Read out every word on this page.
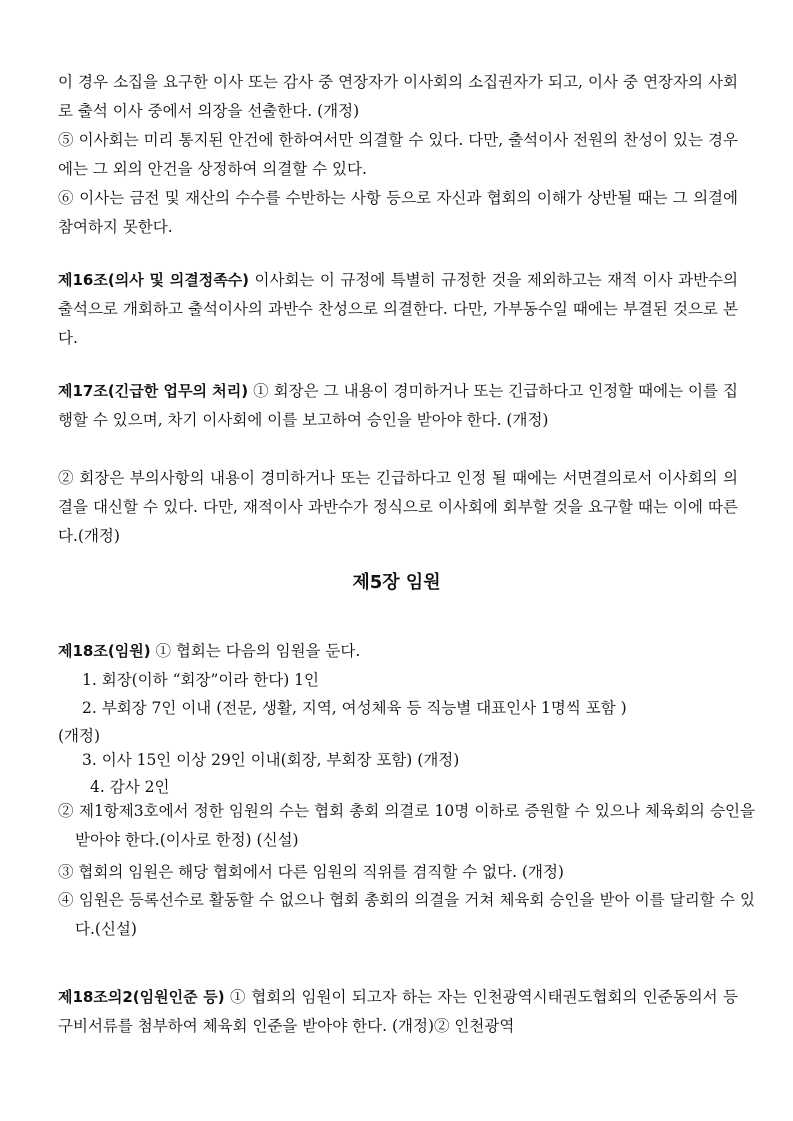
이 경우 소집을 요구한 이사 또는 감사 중 연장자가 이사회의 소집권자가 되고, 이사 중 연장자의 사회로 출석 이사 중에서 의장을 선출한다. (개정)

⑤ 이사회는 미리 통지된 안건에 한하여서만 의결할 수 있다. 다만, 출석이사 전원의 찬성이 있는 경우에는 그 외의 안건을 상정하여 의결할 수 있다.

⑥ 이사는 금전 및 재산의 수수를 수반하는 사항 등으로 자신과 협회의 이해가 상반될 때는 그 의결에 참여하지 못한다.

제16조(의사 및 의결정족수) 이사회는 이 규정에 특별히 규정한 것을 제외하고는 재적 이사 과반수의 출석으로 개회하고 출석이사의 과반수 찬성으로 의결한다. 다만, 가부동수일 때에는 부결된 것으로 본다.

제17조(긴급한 업무의 처리) ① 회장은 그 내용이 경미하거나 또는 긴급하다고 인정할 때에는 이를 집행할 수 있으며, 차기 이사회에 이를 보고하여 승인을 받아야 한다. (개정)

② 회장은 부의사항의 내용이 경미하거나 또는 긴급하다고 인정 될 때에는 서면결의로서 이사회의 의결을 대신할 수 있다. 다만, 재적이사 과반수가 정식으로 이사회에 회부할 것을 요구할 때는 이에 따른다.(개정)

제5장 임원

제18조(임원) ① 협회는 다음의 임원을 둔다.

1. 회장(이하 “회장”이라 한다) 1인

2. 부회장 7인 이내 (전문, 생활, 지역, 여성체육 등 직능별 대표인사 1명씩 포함 )

(개정)

3. 이사 15인 이상 29인 이내(회장, 부회장 포함) (개정)

4. 감사 2인

② 제1항제3호에서 정한 임원의 수는 협회 총회 의결로 10명 이하로 증원할 수 있으나 체육회의 승인을 받아야 한다.(이사로 한정) (신설)

③ 협회의 임원은 해당 협회에서 다른 임원의 직위를 겸직할 수 없다. (개정)

④ 임원은 등록선수로 활동할 수 없으나 협회 총회의 의결을 거쳐 체육회 승인을 받아 이를 달리할 수 있다.(신설)

제18조의2(임원인준 등) ① 협회의 임원이 되고자 하는 자는 인천광역시태권도협회의 인준동의서 등 구비서류를 첨부하여 체육회 인준을 받아야 한다. (개정)② 인천광역
